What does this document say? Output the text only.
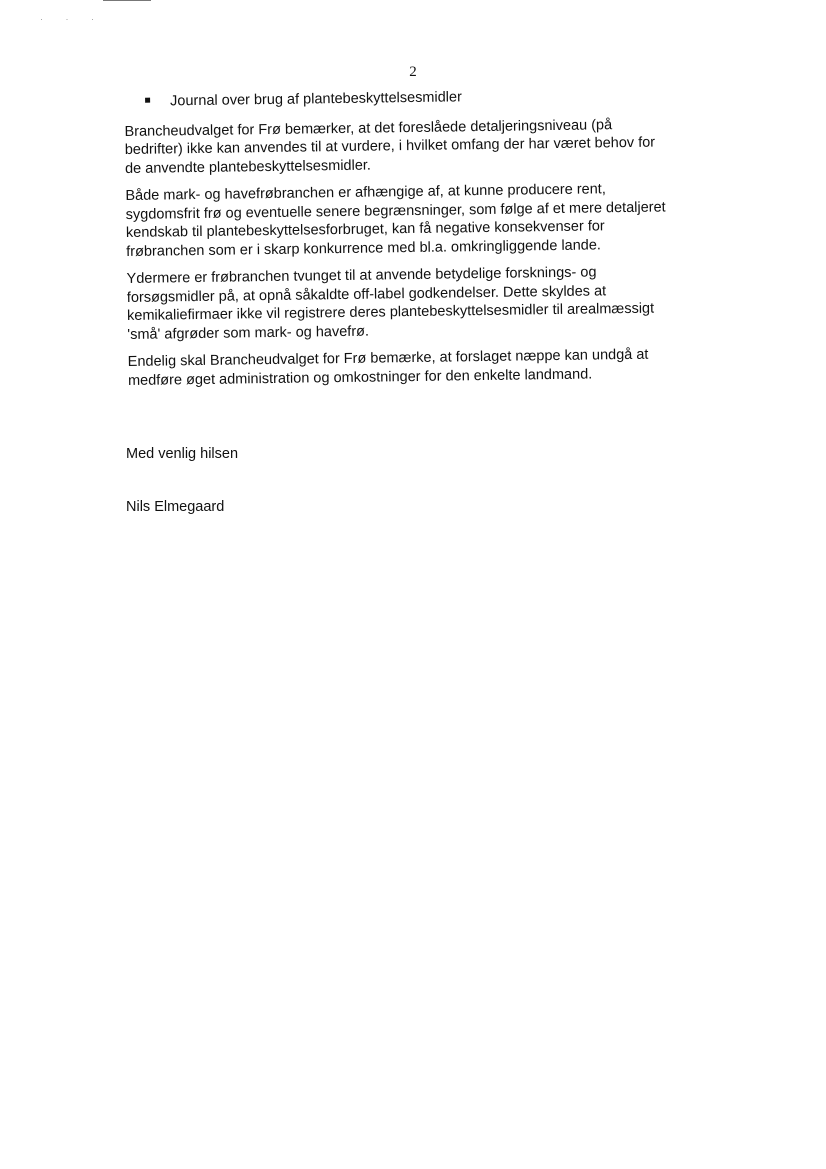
· · ·
2
Journal over brug af plantebeskyttelsesmidler

Brancheudvalget for Frø bemærker, at det foreslåede detaljeringsniveau (på
bedrifter) ikke kan anvendes til at vurdere, i hvilket omfang der har været behov for
de anvendte plantebeskyttelsesmidler.

Både mark- og havefrøbranchen er afhængige af, at kunne producere rent,
sygdomsfrit frø og eventuelle senere begrænsninger, som følge af et mere detaljeret
kendskab til plantebeskyttelsesforbruget, kan få negative konsekvenser for
frøbranchen som er i skarp konkurrence med bl.a. omkringliggende lande.

Ydermere er frøbranchen tvunget til at anvende betydelige forsknings- og
forsøgsmidler på, at opnå såkaldte off-label godkendelser. Dette skyldes at
kemikaliefirmaer ikke vil registrere deres plantebeskyttelsesmidler til arealmæssigt
'små' afgrøder som mark- og havefrø.

Endelig skal Brancheudvalget for Frø bemærke, at forslaget næppe kan undgå at
medføre øget administration og omkostninger for den enkelte landmand.

Med venlig hilsen
Nils Elmegaard
